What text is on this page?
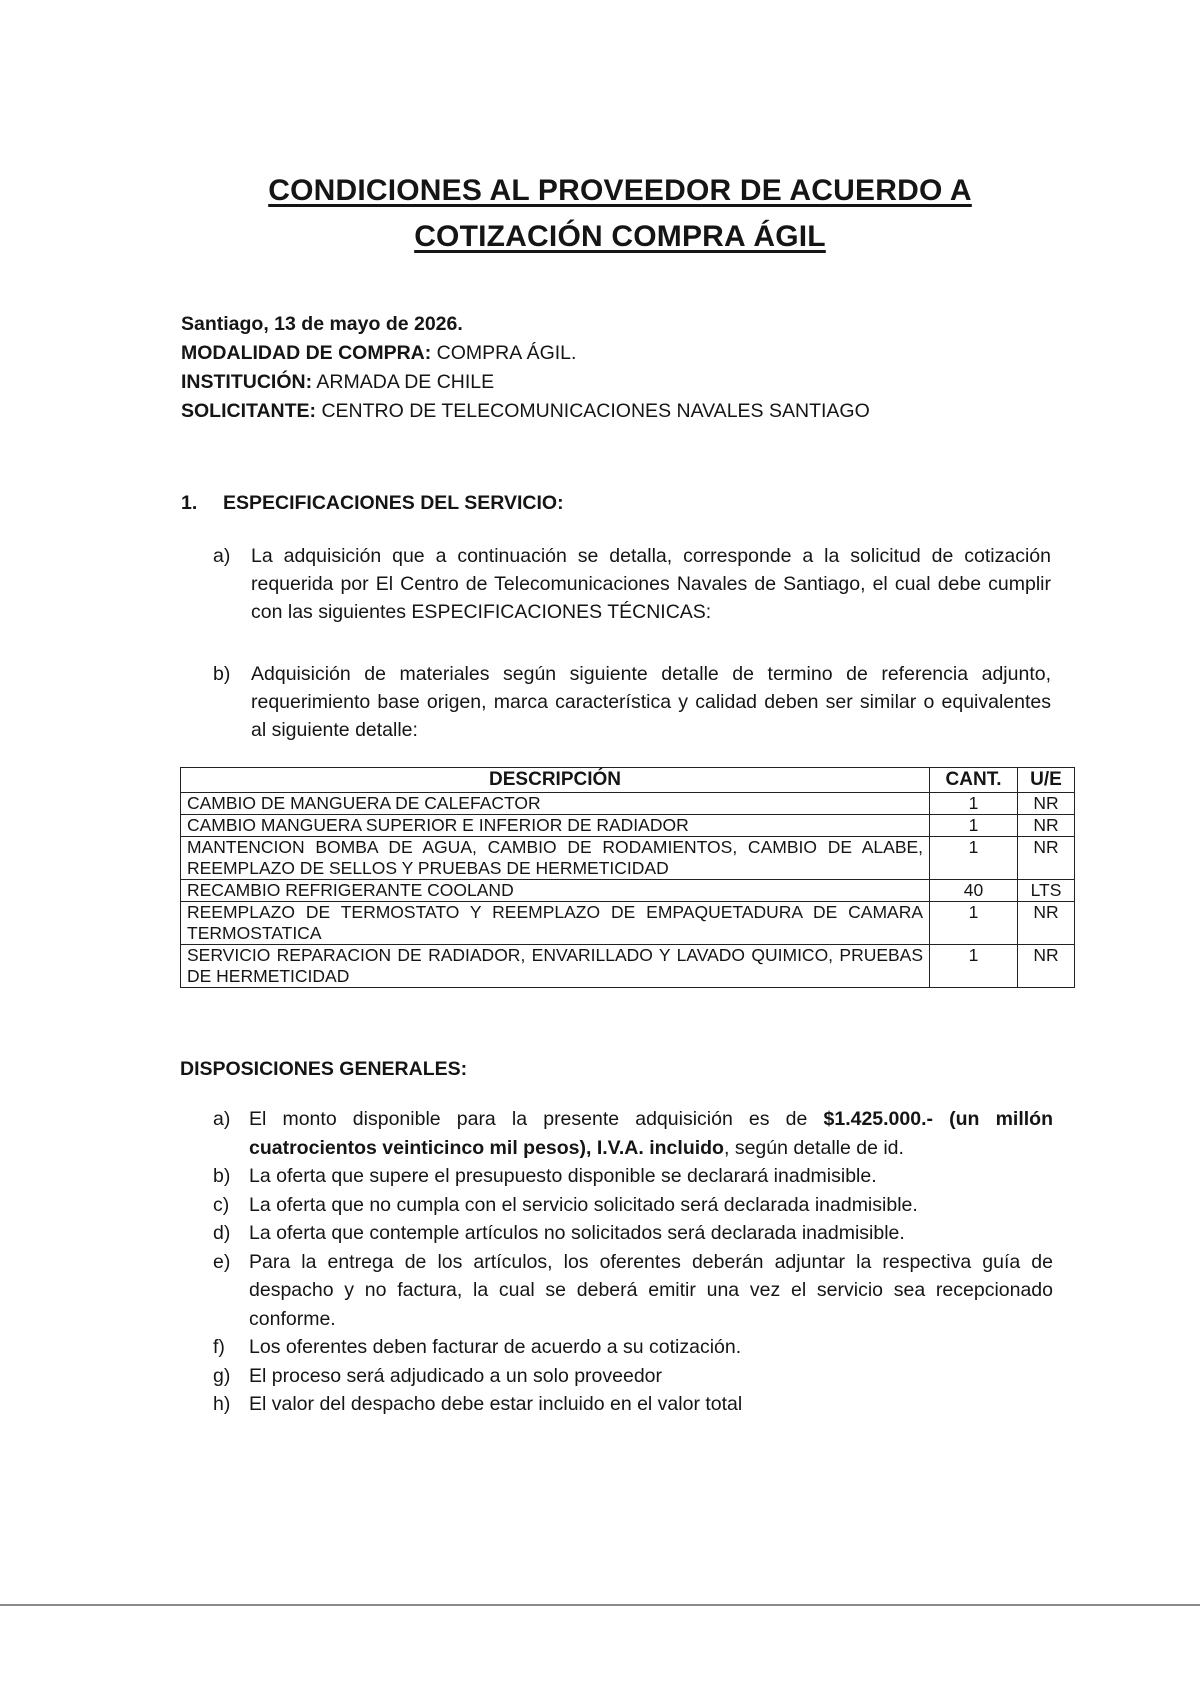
CONDICIONES AL PROVEEDOR DE ACUERDO A
COTIZACIÓN COMPRA ÁGIL
Santiago, 13 de mayo de 2026.
MODALIDAD DE COMPRA: COMPRA ÁGIL.
INSTITUCIÓN: ARMADA DE CHILE
SOLICITANTE: CENTRO DE TELECOMUNICACIONES NAVALES SANTIAGO
1. ESPECIFICACIONES DEL SERVICIO:
a) La adquisición que a continuación se detalla, corresponde a la solicitud de cotización requerida por El Centro de Telecomunicaciones Navales de Santiago, el cual debe cumplir con las siguientes ESPECIFICACIONES TÉCNICAS:
b) Adquisición de materiales según siguiente detalle de termino de referencia adjunto, requerimiento base origen, marca característica y calidad deben ser similar o equivalentes al siguiente detalle:
DESCRIPCIÓN	CANT.	U/E
CAMBIO DE MANGUERA DE CALEFACTOR	1	NR
CAMBIO MANGUERA SUPERIOR E INFERIOR DE RADIADOR	1	NR
MANTENCION BOMBA DE AGUA, CAMBIO DE RODAMIENTOS, CAMBIO DE ALABE, REEMPLAZO DE SELLOS Y PRUEBAS DE HERMETICIDAD	1	NR
RECAMBIO REFRIGERANTE COOLAND	40	LTS
REEMPLAZO DE TERMOSTATO Y REEMPLAZO DE EMPAQUETADURA DE CAMARA TERMOSTATICA	1	NR
SERVICIO REPARACION DE RADIADOR, ENVARILLADO Y LAVADO QUIMICO, PRUEBAS DE HERMETICIDAD	1	NR
DISPOSICIONES GENERALES:
a) El monto disponible para la presente adquisición es de $1.425.000.- (un millón cuatrocientos veinticinco mil pesos), I.V.A. incluido, según detalle de id.
b) La oferta que supere el presupuesto disponible se declarará inadmisible.
c) La oferta que no cumpla con el servicio solicitado será declarada inadmisible.
d) La oferta que contemple artículos no solicitados será declarada inadmisible.
e) Para la entrega de los artículos, los oferentes deberán adjuntar la respectiva guía de despacho y no factura, la cual se deberá emitir una vez el servicio sea recepcionado conforme.
f) Los oferentes deben facturar de acuerdo a su cotización.
g) El proceso será adjudicado a un solo proveedor
h) El valor del despacho debe estar incluido en el valor total
